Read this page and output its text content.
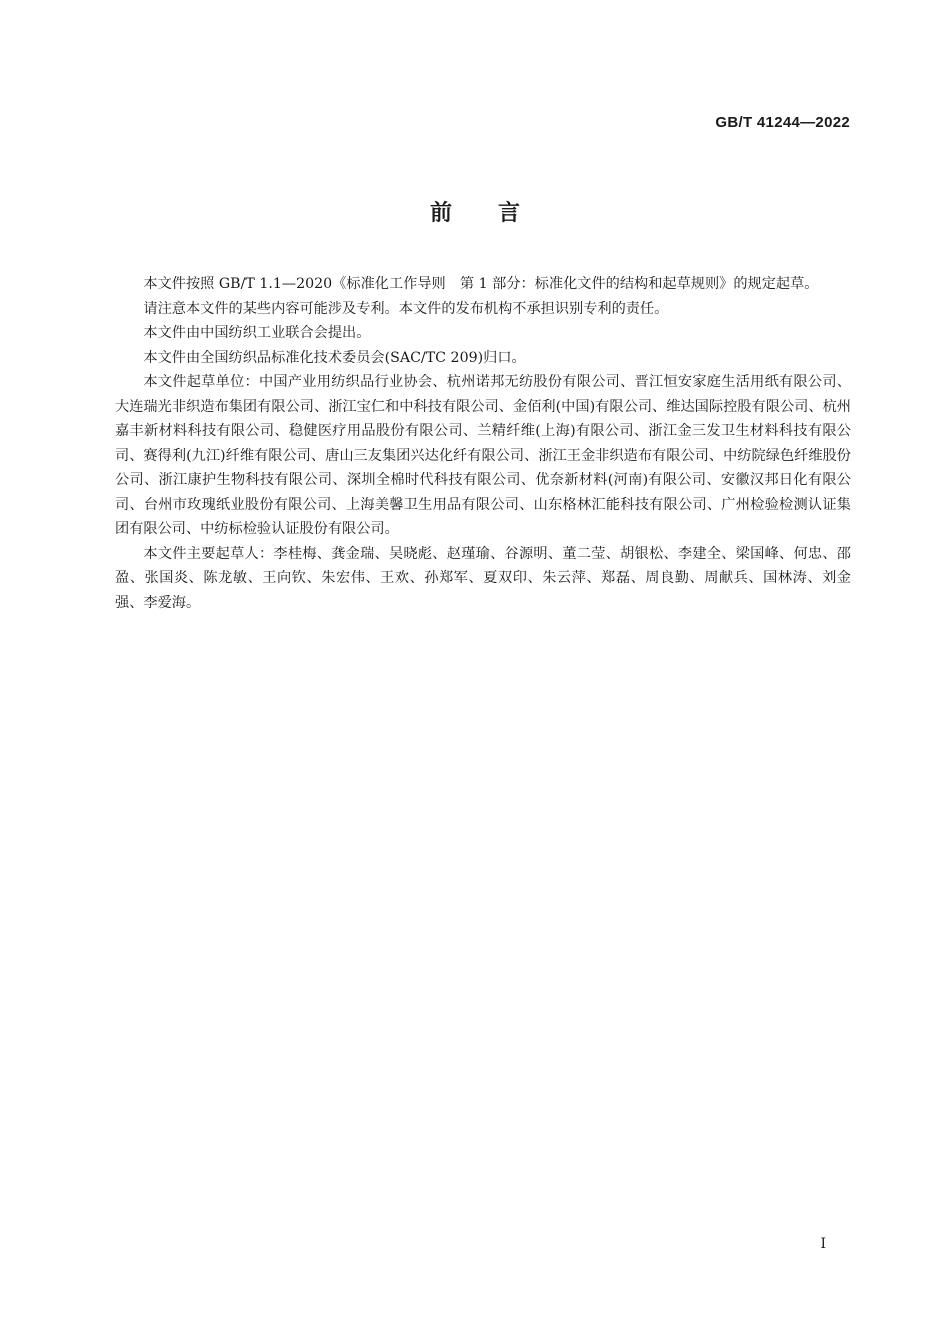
GB/T 41244—2022
前言

本文件按照 GB/T 1.1—2020《标准化工作导则　第 1 部分：标准化文件的结构和起草规则》的规定起草。

请注意本文件的某些内容可能涉及专利。本文件的发布机构不承担识别专利的责任。

本文件由中国纺织工业联合会提出。

本文件由全国纺织品标准化技术委员会(SAC/TC 209)归口。

本文件起草单位：中国产业用纺织品行业协会、杭州诺邦无纺股份有限公司、晋江恒安家庭生活用纸有限公司、大连瑞光非织造布集团有限公司、浙江宝仁和中科技有限公司、金佰利(中国)有限公司、维达国际控股有限公司、杭州嘉丰新材料科技有限公司、稳健医疗用品股份有限公司、兰精纤维(上海)有限公司、浙江金三发卫生材料科技有限公司、赛得利(九江)纤维有限公司、唐山三友集团兴达化纤有限公司、浙江王金非织造布有限公司、中纺院绿色纤维股份公司、浙江康护生物科技有限公司、深圳全棉时代科技有限公司、优奈新材料(河南)有限公司、安徽汉邦日化有限公司、台州市玫瑰纸业股份有限公司、上海美馨卫生用品有限公司、山东格林汇能科技有限公司、广州检验检测认证集团有限公司、中纺标检验认证股份有限公司。

本文件主要起草人：李桂梅、龚金瑞、吴晓彪、赵瑾瑜、谷源明、董二莹、胡银松、李建全、梁国峰、何忠、邵盈、张国炎、陈龙敏、王向钦、朱宏伟、王欢、孙郑军、夏双印、朱云萍、郑磊、周良勤、周献兵、国林涛、刘金强、李爱海。

I
